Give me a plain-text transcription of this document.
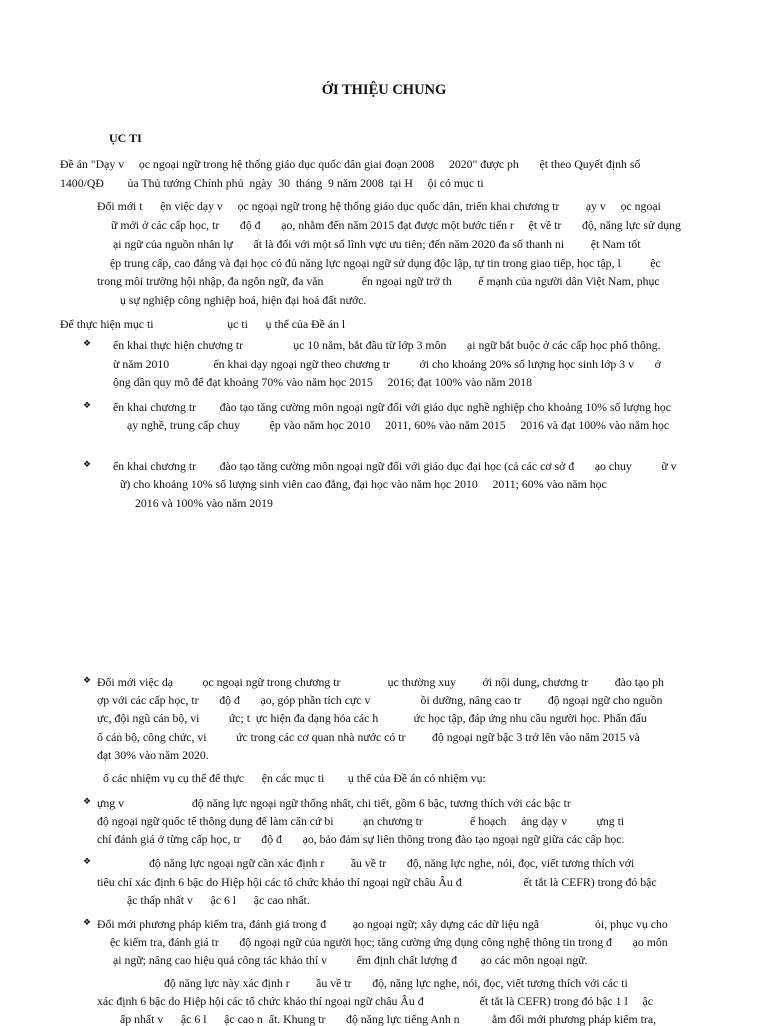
ỚI THIỆU CHUNG
ỤC TI
Đề án "Dạy v     ọc ngoại ngữ trong hệ thống giáo dục quốc dân giai đoạn 2008     2020" được ph       ệt theo Quyết định số
1400/QĐ        ủa Thủ tướng Chính phủ  ngày  30  tháng  9 năm 2008  tại H     ội có mục ti
Đổi mới t      ện việc dạy v     ọc ngoại ngữ trong hệ thống giáo dục quốc dân, triển khai chương tr         ạy v     ọc ngoại
ữ mới ở các cấp học, tr       độ đ       ạo, nhằm đến năm 2015 đạt được một bước tiến r     ệt về tr       độ, năng lực sử dụng
ại ngữ của nguồn nhân lự       ất là đối với một số lĩnh vực ưu tiên; đến năm 2020 đa số thanh ni         ệt Nam tốt
ệp trung cấp, cao đẳng và đại học có đủ năng lực ngoại ngữ sử dụng độc lập, tự tin trong giao tiếp, học tập, l          ệc
trong môi trường hội nhập, đa ngôn ngữ, đa văn             ến ngoại ngữ trở th         ế mạnh của người dân Việt Nam, phục
ụ sự nghiệp công nghiệp hoá, hiện đại hoá đất nước.
Để thực hiện mục ti                         ục ti      ụ thể của Đề án l
❖ ển khai thực hiện chương tr                 ục 10 năm, bắt đầu từ lớp 3 môn       ại ngữ bắt buộc ở các cấp học phổ thông.
ừ năm 2010               ển khai dạy ngoại ngữ theo chương tr          ới cho khoảng 20% số lượng học sinh lớp 3 v       ở
ộng dần quy mô để đạt khoảng 70% vào năm học 2015     2016; đạt 100% vào năm 2018
❖ ển khai chương tr        đào tạo tăng cường môn ngoại ngữ đối với giáo dục nghề nghiệp cho khoảng 10% số lượng học
ạy nghề, trung cấp chuy          ệp vào năm học 2010     2011, 60% vào năm 2015     2016 và đạt 100% vào năm học
❖ ển khai chương tr        đào tạo tăng cường môn ngoại ngữ đối với giáo dục đại học (cả các cơ sở đ       ạo chuy          ữ v
ữ) cho khoảng 10% số lượng sinh viên cao đẳng, đại học vào năm học 2010     2011; 60% vào năm học
2016 và 100% vào năm 2019
❖ Đổi mới việc dạ          ọc ngoại ngữ trong chương tr                ục thường xuy         ới nội dung, chương tr         đào tạo ph
ợp với các cấp học, tr       độ đ       ạo, góp phần tích cực v                 ồi dưỡng, nâng cao tr         độ ngoại ngữ cho nguồn
ực, đội ngũ cán bộ, vi          ức; t  ực hiện đa dạng hóa các h            ức học tập, đáp ứng nhu cầu người học. Phấn đấu
ố cán bộ, công chức, vi          ức trong các cơ quan nhà nước có tr         độ ngoại ngữ bậc 3 trở lên vào năm 2015 và
đạt 30% vào năm 2020.
ố các nhiệm vụ cụ thể để thực      ện các mục ti        ụ thể của Đề án có nhiệm vụ:
❖ ựng v                       độ năng lực ngoại ngữ thống nhất, chi tiết, gồm 6 bậc, tương thích với các bậc tr
độ ngoại ngữ quốc tế thông dụng để làm căn cứ bi          ạn chương tr                ế hoạch     ảng dạy v          ựng ti
chí đánh giá ở từng cấp học, tr       độ đ       ạo, bảo đảm sự liên thông trong đào tạo ngoại ngữ giữa các cấp học.
❖	độ năng lực ngoại ngữ cần xác định r         ầu về tr       độ, năng lực nghe, nói, đọc, viết tương thích với
tiêu chí xác định 6 bậc do Hiệp hội các tổ chức khảo thí ngoại ngữ châu Âu đ                     ết tắt là CEFR) trong đó bậc
ậc thấp nhất v      ậc 6 l      ậc cao nhất.
❖ Đổi mới phương pháp kiểm tra, đánh giá trong đ         ạo ngoại ngữ; xây dựng các dữ liệu ngâ                   ỏi, phục vụ cho
ệc kiểm tra, đánh giá tr       độ ngoại ngữ của người học; tăng cường ứng dụng công nghệ thông tin trong đ       ạo môn
ại ngữ; nâng cao hiệu quả công tác khảo thí v          ểm định chất lượng đ        ạo các môn ngoại ngữ.
độ năng lực này xác định r         ầu về tr       độ, năng lực nghe, nói, đọc, viết tương thích với các ti
xác định 6 bậc do Hiệp hội các tổ chức khảo thí ngoại ngữ châu Âu đ                   ết tắt là CEFR) trong đó bậc 1 l     ậc
ấp nhất v      ậc 6 l      ậc cao n  ất. Khung tr       độ năng lực tiếng Anh n           ằm đổi mới phương pháp kiểm tra,
